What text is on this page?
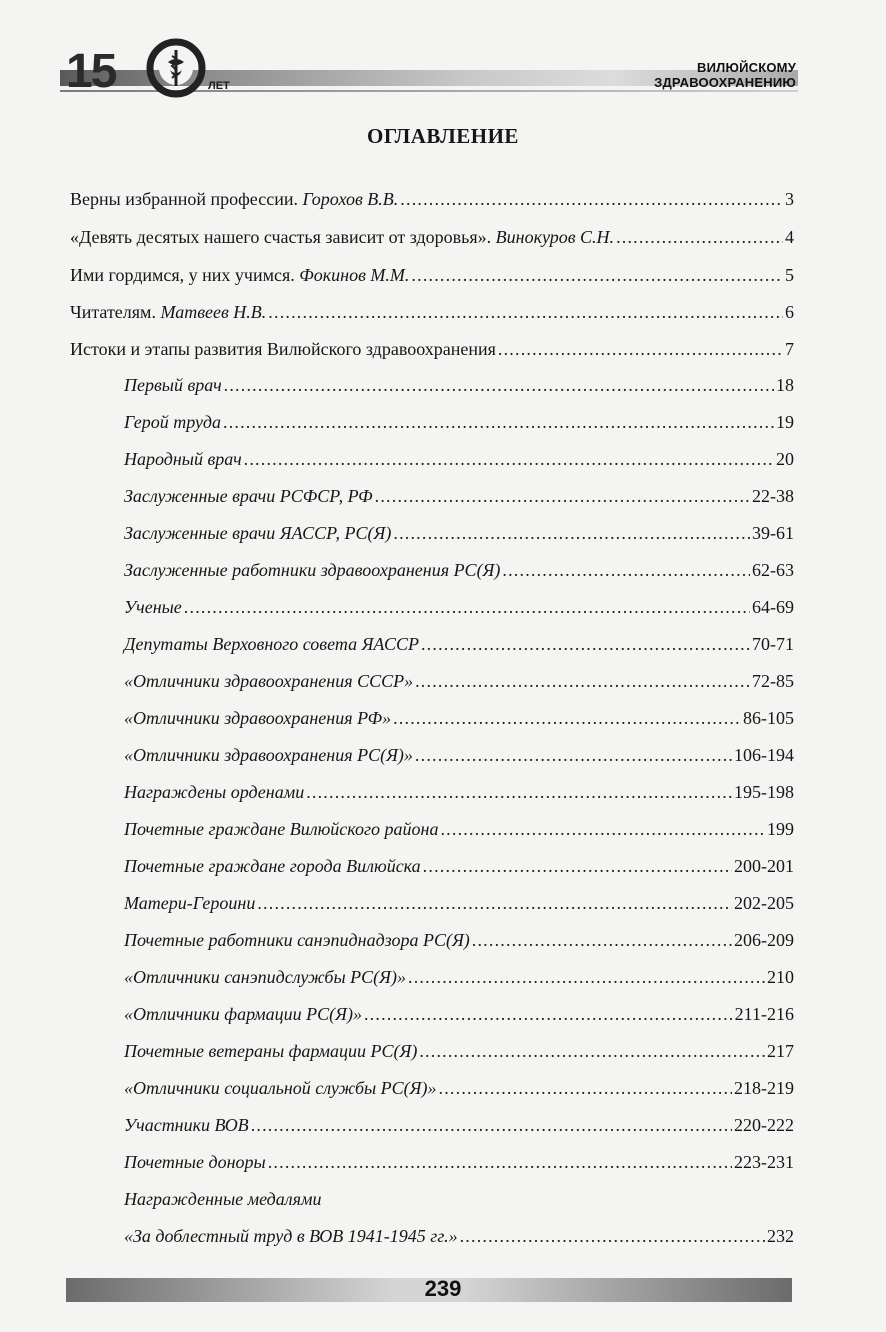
15	ЛЕТ
ВИЛЮЙСКОМУ
ЗДРАВООХРАНЕНИЮ
ОГЛАВЛЕНИЕ
Верны избранной профессии. Горохов В.В. .....	3
«Девять десятых нашего счастья зависит от здоровья». Винокуров С.Н. .....	4
Ими гордимся, у них учимся. Фокинов М.М. .....	5
Читателям. Матвеев Н.В. .....	6
Истоки и этапы развития Вилюйского здравоохранения .....	7
Первый врач .....	18
Герой труда .....	19
Народный врач .....	20
Заслуженные врачи РСФСР, РФ .....	22-38
Заслуженные врачи ЯАССР, РС(Я) .....	39-61
Заслуженные работники здравоохранения РС(Я) .....	62-63
Ученые .....	64-69
Депутаты Верховного совета ЯАССР .....	70-71
«Отличники здравоохранения СССР» .....	72-85
«Отличники здравоохранения РФ» .....	86-105
«Отличники здравоохранения РС(Я)» .....	106-194
Награждены орденами .....	195-198
Почетные граждане Вилюйского района .....	199
Почетные граждане города Вилюйска .....	200-201
Матери-Героини .....	202-205
Почетные работники санэпиднадзора РС(Я) .....	206-209
«Отличники санэпидслужбы РС(Я)» .....	210
«Отличники фармации РС(Я)» .....	211-216
Почетные ветераны фармации РС(Я) .....	217
«Отличники социальной службы РС(Я)» .....	218-219
Участники ВОВ .....	220-222
Почетные доноры .....	223-231
Награжденные медалями
«За доблестный труд в ВОВ 1941-1945 гг.» .....	232
239
